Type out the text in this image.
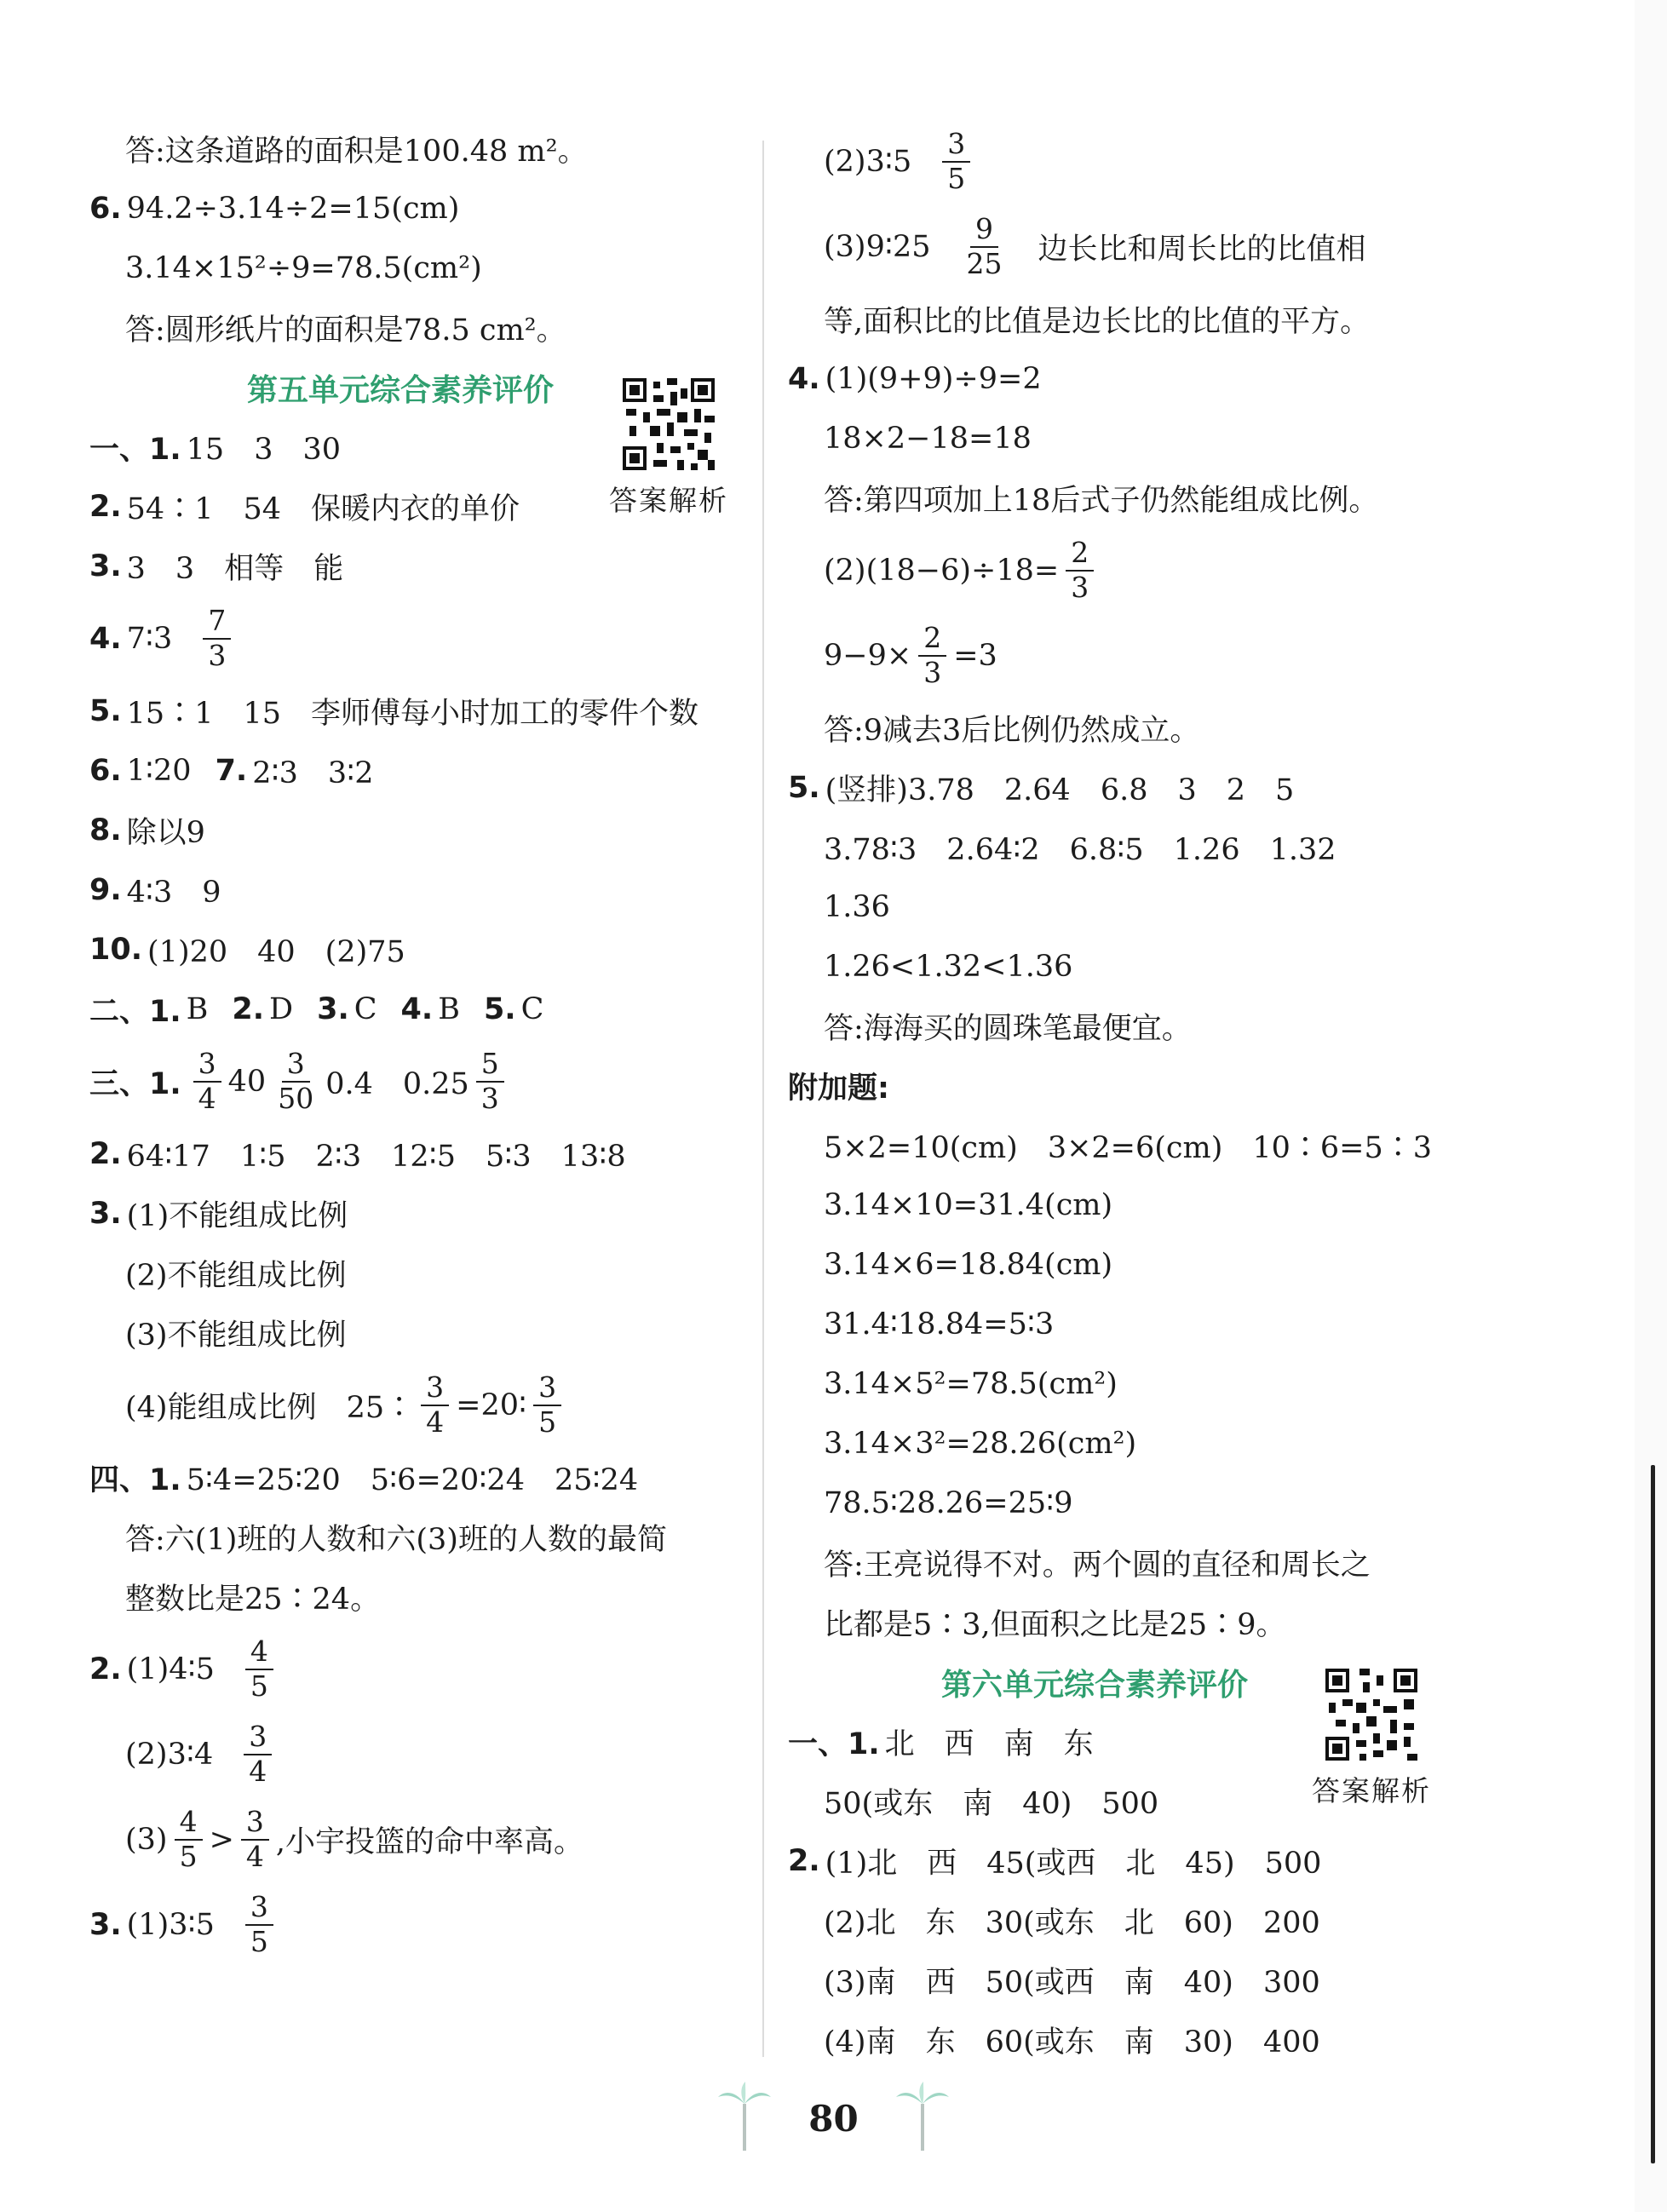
答:这条道路的面积是100.48 m²。
6. 94.2÷3.14÷2=15(cm)
3.14×15²÷9=78.5(cm²)
答:圆形纸片的面积是78.5 cm²。
第五单元综合素养评价
一、1. 15　3　30
2. 54∶1　54　保暖内衣的单价
3. 3　3　相等　能
4. 7∶3 $\frac{7}{3}$
5. 15∶1　15　李师傅每小时加工的零件个数
6. 1∶20 7. 2∶3　3∶2
8. 除以9
9. 4∶3　9
10. (1)20　40　(2)75
二、1. B 2. D 3. C 4. B 5. C
三、1. $\frac{3}{4} 40 \frac{3}{50} 0.4$　$0.25 \frac{5}{3}$
2. 64∶17　1∶5　2∶3　12∶5　5∶3　13∶8
3. (1)不能组成比例
(2)不能组成比例
(3)不能组成比例
(4)能组成比例　25∶ $\frac{3}{4}$ =20∶ $\frac{3}{5}$
四、1. 5∶4=25∶20　5∶6=20∶24　25∶24
答:六(1)班的人数和六(3)班的人数的最简
整数比是25∶24。
2. (1)4∶5 $\frac{4}{5}$
(2)3∶4 $\frac{3}{4}$
$(3) \frac{4}{5} > \frac{3}{4}$ ,小宇投篮的命中率高。
3. (1)3∶5 $\frac{3}{5}$
答案解析
(2)3∶5 $\frac{3}{5}$
(3)9∶25 $\frac{9}{25}$ 边长比和周长比的比值相
等,面积比的比值是边长比的比值的平方。
4. (1)(9+9)÷9=2
18×2−18=18
答:第四项加上18后式子仍然能组成比例。
$(2)(18-6)\div 18= \frac{2}{3}$
$9-9\times \frac{2}{3} =3$
答:9减去3后比例仍然成立。
5. (竖排)3.78　2.64　6.8　3　2　5
3.78∶3　2.64∶2　6.8∶5　1.26　1.32
1.36
1.26<1.32<1.36
答:海海买的圆珠笔最便宜。
附加题:
5×2=10(cm)　3×2=6(cm)　10∶6=5∶3
3.14×10=31.4(cm)
3.14×6=18.84(cm)
31.4∶18.84=5∶3
3.14×5²=78.5(cm²)
3.14×3²=28.26(cm²)
78.5∶28.26=25∶9
答:王亮说得不对。两个圆的直径和周长之
比都是5∶3,但面积之比是25∶9。
第六单元综合素养评价
一、1. 北　西　南　东
50(或东　南　40)　500
2. (1)北　西　45(或西　北　45)　500
(2)北　东　30(或东　北　60)　200
(3)南　西　50(或西　南　40)　300
(4)南　东　60(或东　南　30)　400
答案解析
80
